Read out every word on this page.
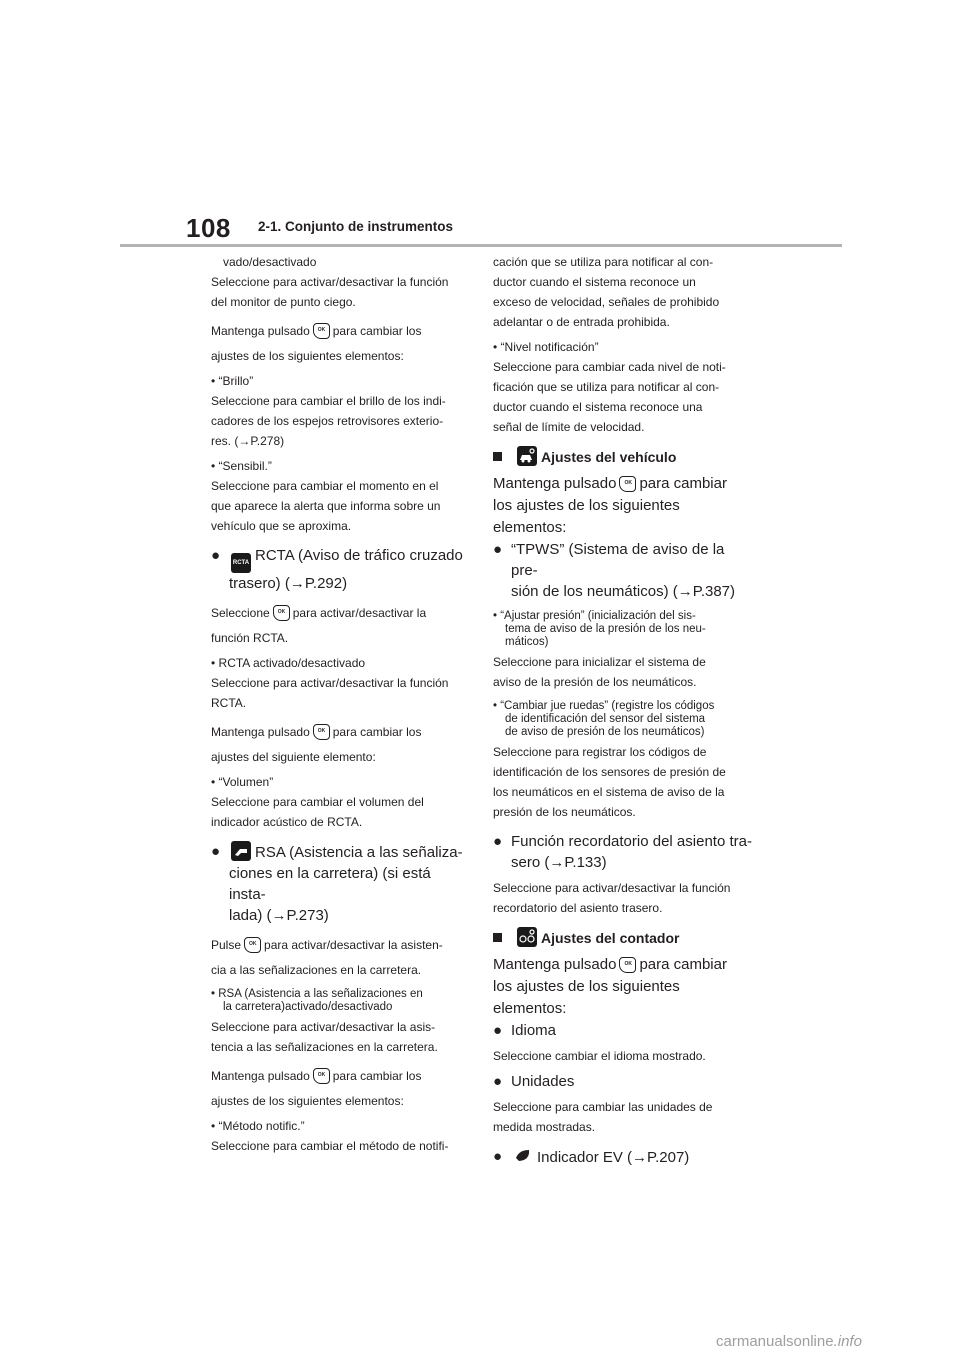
108 2-1. Conjunto de instrumentos

vado/desactivado

Seleccione para activar/desactivar la función

del monitor de punto ciego.

Mantenga pulsado OK para cambiar los

ajustes de los siguientes elementos:

• “Brillo”

Seleccione para cambiar el brillo de los indi-

cadores de los espejos retrovisores exterio-

res. (→P.278)

• “Sensibil.”

Seleccione para cambiar el momento en el

que aparece la alerta que informa sobre un

vehículo que se aproxima.

●	RCTA RCTA (Aviso de tráfico cruzado

trasero) (→P.292)

Seleccione OK para activar/desactivar la

función RCTA.

• RCTA activado/desactivado

Seleccione para activar/desactivar la función

RCTA.

Mantenga pulsado OK para cambiar los

ajustes del siguiente elemento:

• “Volumen”

Seleccione para cambiar el volumen del

indicador acústico de RCTA.

●	RSA (Asistencia a las señaliza-

ciones en la carretera) (si está insta-

lada) (→P.273)

Pulse OK para activar/desactivar la asisten-

cia a las señalizaciones en la carretera.

• RSA (Asistencia a las señalizaciones en
la carretera)activado/desactivado

Seleccione para activar/desactivar la asis-

tencia a las señalizaciones en la carretera.

Mantenga pulsado OK para cambiar los

ajustes de los siguientes elementos:

• “Método notific.”

Seleccione para cambiar el método de notifi-

cación que se utiliza para notificar al con-

ductor cuando el sistema reconoce un

exceso de velocidad, señales de prohibido

adelantar o de entrada prohibida.

• “Nivel notificación”

Seleccione para cambiar cada nivel de noti-

ficación que se utiliza para notificar al con-

ductor cuando el sistema reconoce una

señal de límite de velocidad.

Ajustes del vehículo

Mantenga pulsado OK para cambiar

los ajustes de los siguientes elementos:

● “TPWS” (Sistema de aviso de la pre-

sión de los neumáticos) (→P.387)

• “Ajustar presión” (inicialización del sis-
tema de aviso de la presión de los neu-
máticos)

Seleccione para inicializar el sistema de

aviso de la presión de los neumáticos.

• “Cambiar jue ruedas” (registre los códigos
de identificación del sensor del sistema
de aviso de presión de los neumáticos)

Seleccione para registrar los códigos de

identificación de los sensores de presión de

los neumáticos en el sistema de aviso de la

presión de los neumáticos.

● Función recordatorio del asiento tra-

sero (→P.133)

Seleccione para activar/desactivar la función

recordatorio del asiento trasero.

Ajustes del contador

Mantenga pulsado OK para cambiar

los ajustes de los siguientes elementos:

● Idioma

Seleccione cambiar el idioma mostrado.

● Unidades

Seleccione para cambiar las unidades de

medida mostradas.

●	Indicador EV (→P.207)

carmanualsonline.info
